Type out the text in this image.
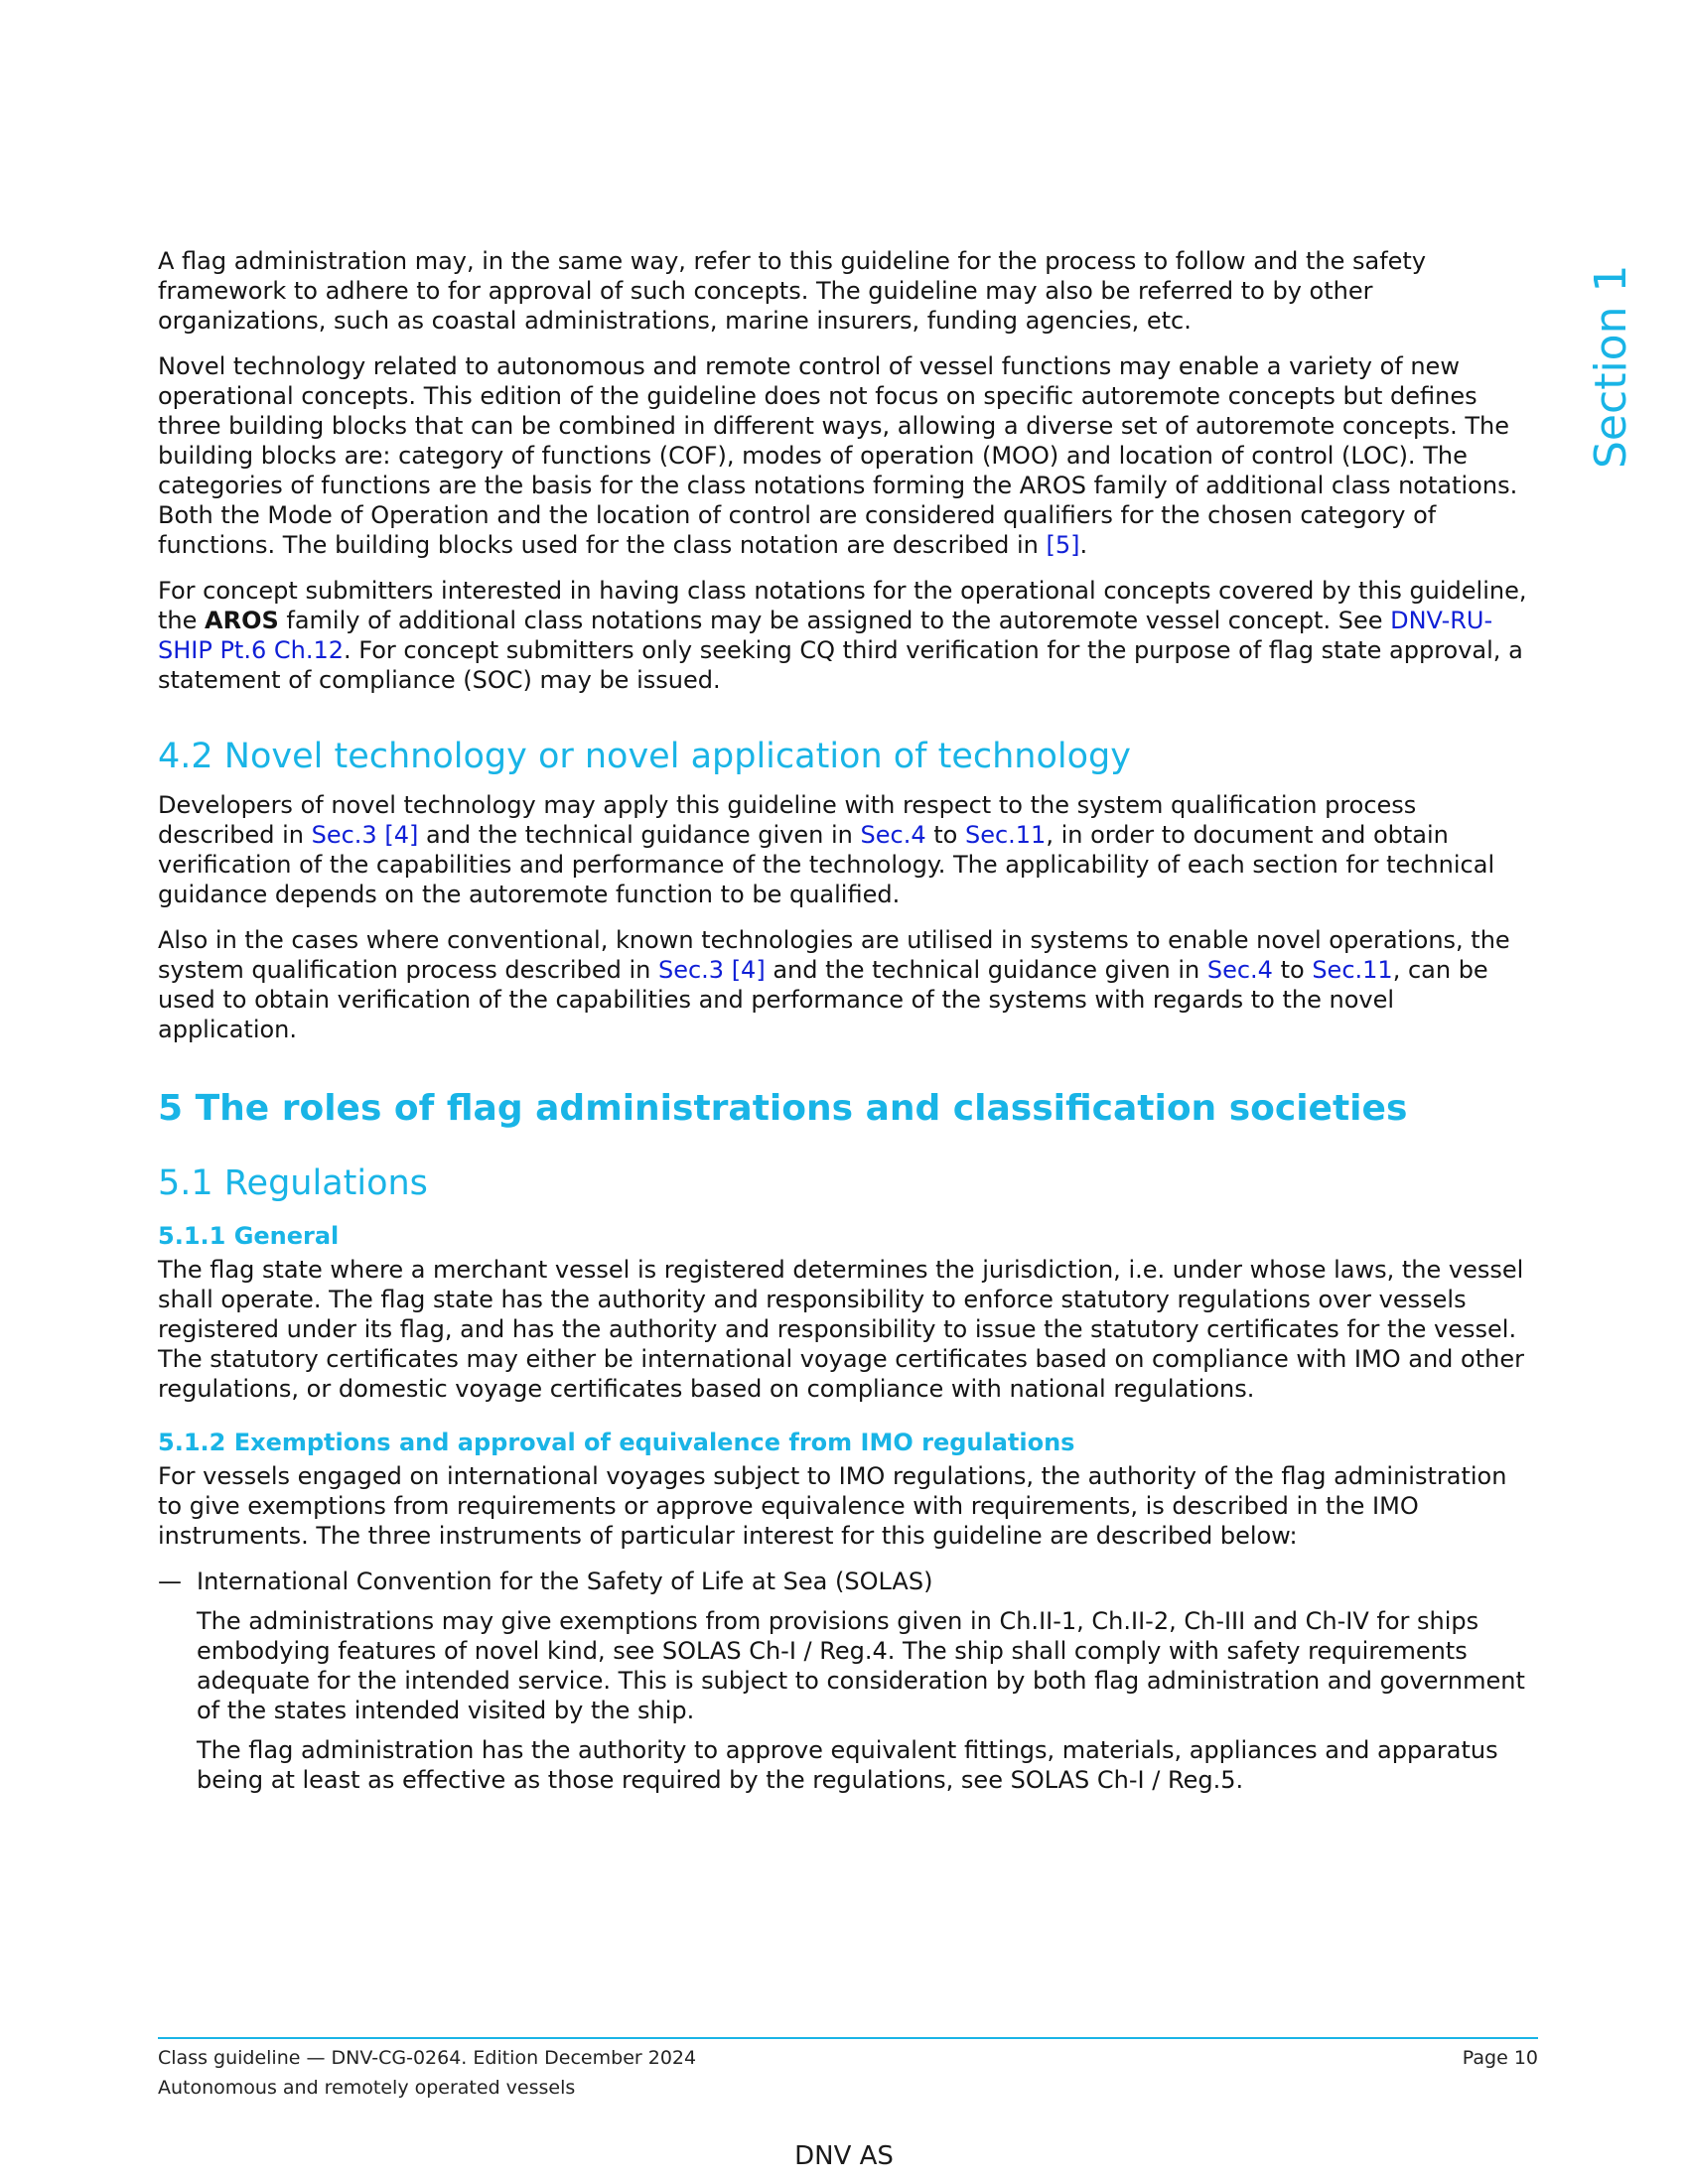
Section 1

A flag administration may, in the same way, refer to this guideline for the process to follow and the safety framework to adhere to for approval of such concepts. The guideline may also be referred to by other organizations, such as coastal administrations, marine insurers, funding agencies, etc.

Novel technology related to autonomous and remote control of vessel functions may enable a variety of new operational concepts. This edition of the guideline does not focus on specific autoremote concepts but defines three building blocks that can be combined in different ways, allowing a diverse set of autoremote concepts. The building blocks are: category of functions (COF), modes of operation (MOO) and location of control (LOC). The categories of functions are the basis for the class notations forming the AROS family of additional class notations. Both the Mode of Operation and the location of control are considered qualifiers for the chosen category of functions. The building blocks used for the class notation are described in [5].

For concept submitters interested in having class notations for the operational concepts covered by this guideline, the AROS family of additional class notations may be assigned to the autoremote vessel concept. See DNV-RU-SHIP Pt.6 Ch.12. For concept submitters only seeking CQ third verification for the purpose of flag state approval, a statement of compliance (SOC) may be issued.

4.2 Novel technology or novel application of technology

Developers of novel technology may apply this guideline with respect to the system qualification process described in Sec.3 [4] and the technical guidance given in Sec.4 to Sec.11, in order to document and obtain verification of the capabilities and performance of the technology. The applicability of each section for technical guidance depends on the autoremote function to be qualified.

Also in the cases where conventional, known technologies are utilised in systems to enable novel operations, the system qualification process described in Sec.3 [4] and the technical guidance given in Sec.4 to Sec.11, can be used to obtain verification of the capabilities and performance of the systems with regards to the novel application.

5 The roles of flag administrations and classification societies
5.1 Regulations
5.1.1 General

The flag state where a merchant vessel is registered determines the jurisdiction, i.e. under whose laws, the vessel shall operate. The flag state has the authority and responsibility to enforce statutory regulations over vessels registered under its flag, and has the authority and responsibility to issue the statutory certificates for the vessel. The statutory certificates may either be international voyage certificates based on compliance with IMO and other regulations, or domestic voyage certificates based on compliance with national regulations.

5.1.2 Exemptions and approval of equivalence from IMO regulations

For vessels engaged on international voyages subject to IMO regulations, the authority of the flag administration to give exemptions from requirements or approve equivalence with requirements, is described in the IMO instruments. The three instruments of particular interest for this guideline are described below:

— International Convention for the Safety of Life at Sea (SOLAS)

The administrations may give exemptions from provisions given in Ch.II-1, Ch.II-2, Ch-III and Ch-IV for ships embodying features of novel kind, see SOLAS Ch-I / Reg.4. The ship shall comply with safety requirements adequate for the intended service. This is subject to consideration by both flag administration and government of the states intended visited by the ship.

The flag administration has the authority to approve equivalent fittings, materials, appliances and apparatus being at least as effective as those required by the regulations, see SOLAS Ch-I / Reg.5.

Class guideline — DNV-CG-0264. Edition December 2024	Page 10
Autonomous and remotely operated vessels
DNV AS
